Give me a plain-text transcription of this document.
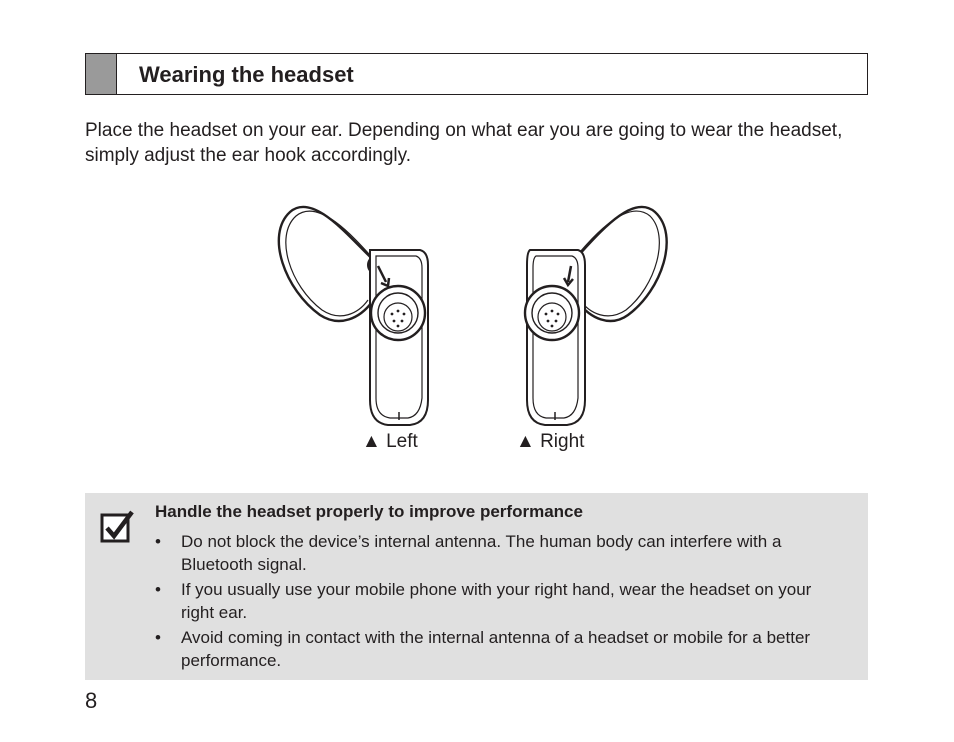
Wearing the headset
Place the headset on your ear. Depending on what ear you are going to wear the headset, simply adjust the ear hook accordingly.
▲ Left	▲ Right
Handle the headset properly to improve performance
• Do not block the device’s internal antenna. The human body can interfere with a Bluetooth signal.
• If you usually use your mobile phone with your right hand, wear the headset on your right ear.
• Avoid coming in contact with the internal antenna of a headset or mobile for a better performance.
8
